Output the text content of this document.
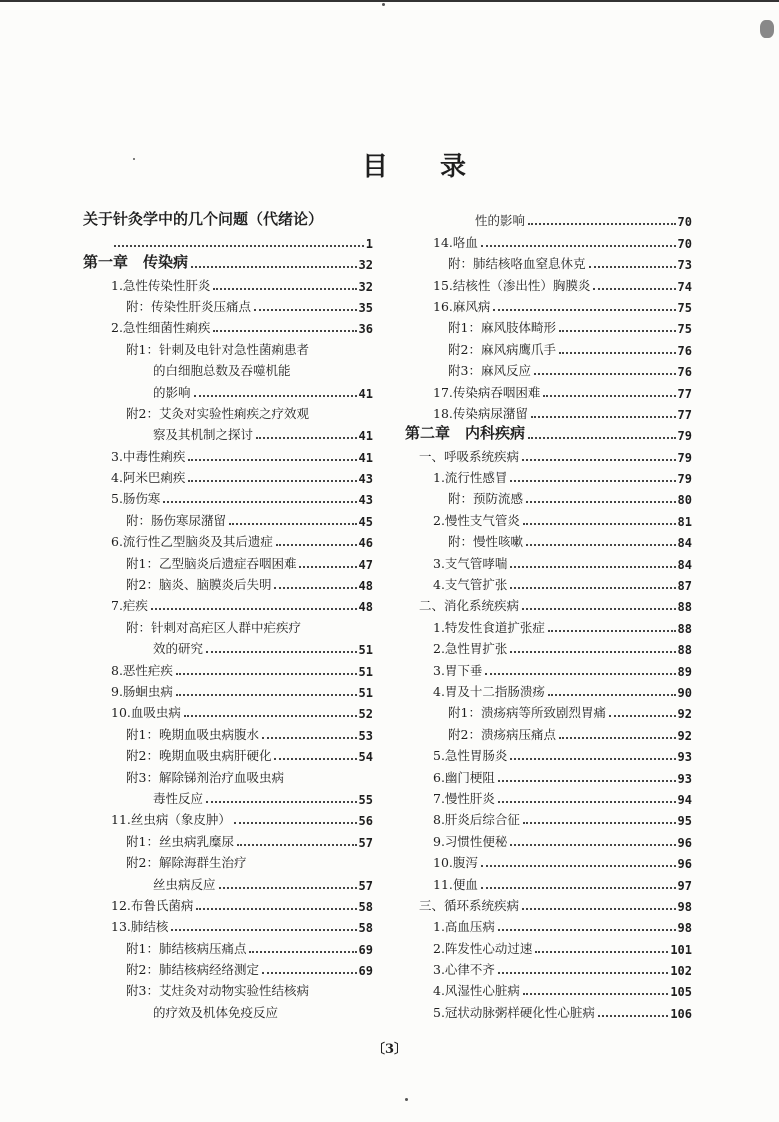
目 录
关于针灸学中的几个问题（代绪论）
1
第一章　传染病	32
1.急性传染性肝炎	32
附：传染性肝炎压痛点	35
2.急性细菌性痢疾	36
附1：针刺及电针对急性菌痢患者
的白细胞总数及吞噬机能
的影响	41
附2：艾灸对实验性痢疾之疗效观
察及其机制之探讨	41
3.中毒性痢疾	41
4.阿米巴痢疾	43
5.肠伤寒	43
附：肠伤寒尿潴留	45
6.流行性乙型脑炎及其后遗症	46
附1：乙型脑炎后遗症吞咽困难	47
附2：脑炎、脑膜炎后失明	48
7.疟疾	48
附：针刺对高疟区人群中疟疾疗
效的研究	51
8.恶性疟疾	51
9.肠蛔虫病	51
10.血吸虫病	52
附1：晚期血吸虫病腹水	53
附2：晚期血吸虫病肝硬化	54
附3：解除锑剂治疗血吸虫病
毒性反应	55
11.丝虫病（象皮肿）	56
附1：丝虫病乳糜尿	57
附2：解除海群生治疗
丝虫病反应	57
12.布鲁氏菌病	58
13.肺结核	58
附1：肺结核病压痛点	69
附2：肺结核病经络测定	69
附3：艾炷灸对动物实验性结核病
的疗效及机体免疫反应
性的影响	70
14.咯血	70
附：肺结核咯血窒息休克	73
15.结核性（渗出性）胸膜炎	74
16.麻风病	75
附1：麻风肢体畸形	75
附2：麻风病鹰爪手	76
附3：麻风反应	76
17.传染病吞咽困难	77
18.传染病尿潴留	77
第二章　内科疾病	79
一、呼吸系统疾病	79
1.流行性感冒	79
附：预防流感	80
2.慢性支气管炎	81
附：慢性咳嗽	84
3.支气管哮喘	84
4.支气管扩张	87
二、消化系统疾病	88
1.特发性食道扩张症	88
2.急性胃扩张	88
3.胃下垂	89
4.胃及十二指肠溃疡	90
附1：溃疡病等所致剧烈胃痛	92
附2：溃疡病压痛点	92
5.急性胃肠炎	93
6.幽门梗阻	93
7.慢性肝炎	94
8.肝炎后综合征	95
9.习惯性便秘	96
10.腹泻	96
11.便血	97
三、循环系统疾病	98
1.高血压病	98
2.阵发性心动过速	101
3.心律不齐	102
4.风湿性心脏病	105
5.冠状动脉粥样硬化性心脏病	106
〔3〕
